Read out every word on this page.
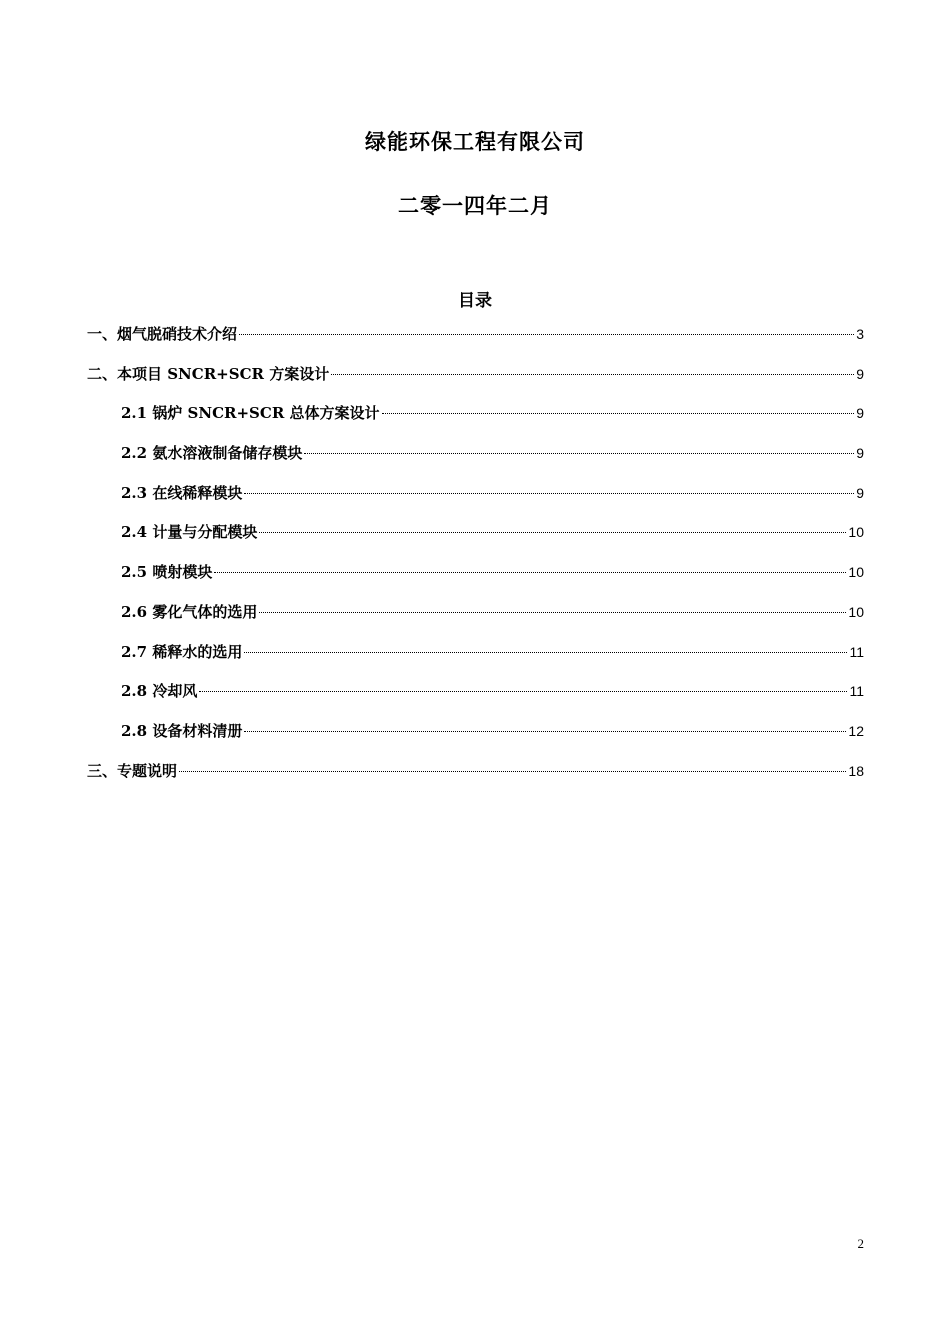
绿能环保工程有限公司
二零一四年二月
目录
一、烟气脱硝技术介绍	3
二、本项目 SNCR+SCR 方案设计	9
2.1 锅炉 SNCR+SCR 总体方案设计	9
2.2 氨水溶液制备储存模块	9
2.3 在线稀释模块	9
2.4 计量与分配模块	10
2.5 喷射模块	10
2.6 雾化气体的选用	10
2.7 稀释水的选用	11
2.8 冷却风	11
2.8 设备材料清册	12
三、专题说明	18
2
